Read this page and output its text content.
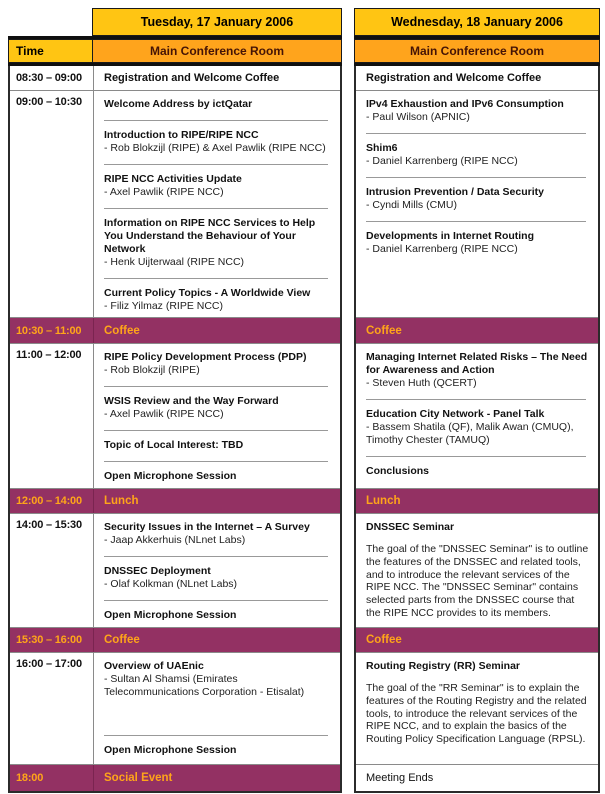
Tuesday, 17 January 2006
Time	Main Conference Room
08:30 – 09:00	Registration and Welcome Coffee
09:00 – 10:30	Welcome Address by ictQatar
Introduction to RIPE/RIPE NCC
- Rob Blokzijl (RIPE) & Axel Pawlik (RIPE NCC)
RIPE NCC Activities Update
- Axel Pawlik (RIPE NCC)
Information on RIPE NCC Services to Help You Understand the Behaviour of Your Network
- Henk Uijterwaal (RIPE NCC)
Current Policy Topics - A Worldwide View
- Filiz Yilmaz (RIPE NCC)
10:30 – 11:00	Coffee
11:00 – 12:00	RIPE Policy Development Process (PDP)
- Rob Blokzijl (RIPE)
WSIS Review and the Way Forward
- Axel Pawlik (RIPE NCC)
Topic of Local Interest: TBD
Open Microphone Session
12:00 – 14:00	Lunch
14:00 – 15:30	Security Issues in the Internet – A Survey
- Jaap Akkerhuis (NLnet Labs)
DNSSEC Deployment
- Olaf Kolkman (NLnet Labs)
Open Microphone Session
15:30 – 16:00	Coffee
16:00 – 17:00	Overview of UAEnic
- Sultan Al Shamsi (Emirates Telecommunications Corporation - Etisalat)
Open Microphone Session
18:00	Social Event
Wednesday, 18 January 2006
Main Conference Room
Registration and Welcome Coffee
IPv4 Exhaustion and IPv6 Consumption
- Paul Wilson (APNIC)
Shim6
- Daniel Karrenberg (RIPE NCC)
Intrusion Prevention / Data Security
- Cyndi Mills (CMU)
Developments in Internet Routing
- Daniel Karrenberg (RIPE NCC)
Coffee
Managing Internet Related Risks – The Need for Awareness and Action
- Steven Huth (QCERT)
Education City Network - Panel Talk
- Bassem Shatila (QF), Malik Awan (CMUQ), Timothy Chester (TAMUQ)
Conclusions
Lunch
DNSSEC Seminar
The goal of the "DNSSEC Seminar" is to outline the features of the DNSSEC and related tools, and to introduce the relevant services of the RIPE NCC. The "DNSSEC Seminar" contains selected parts from the DNSSEC course that the RIPE NCC provides to its members.
Coffee
Routing Registry (RR) Seminar
The goal of the "RR Seminar" is to explain the features of the Routing Registry and the related tools, to introduce the relevant services of the RIPE NCC, and to explain the basics of the Routing Policy Specification Language (RPSL).
Meeting Ends
